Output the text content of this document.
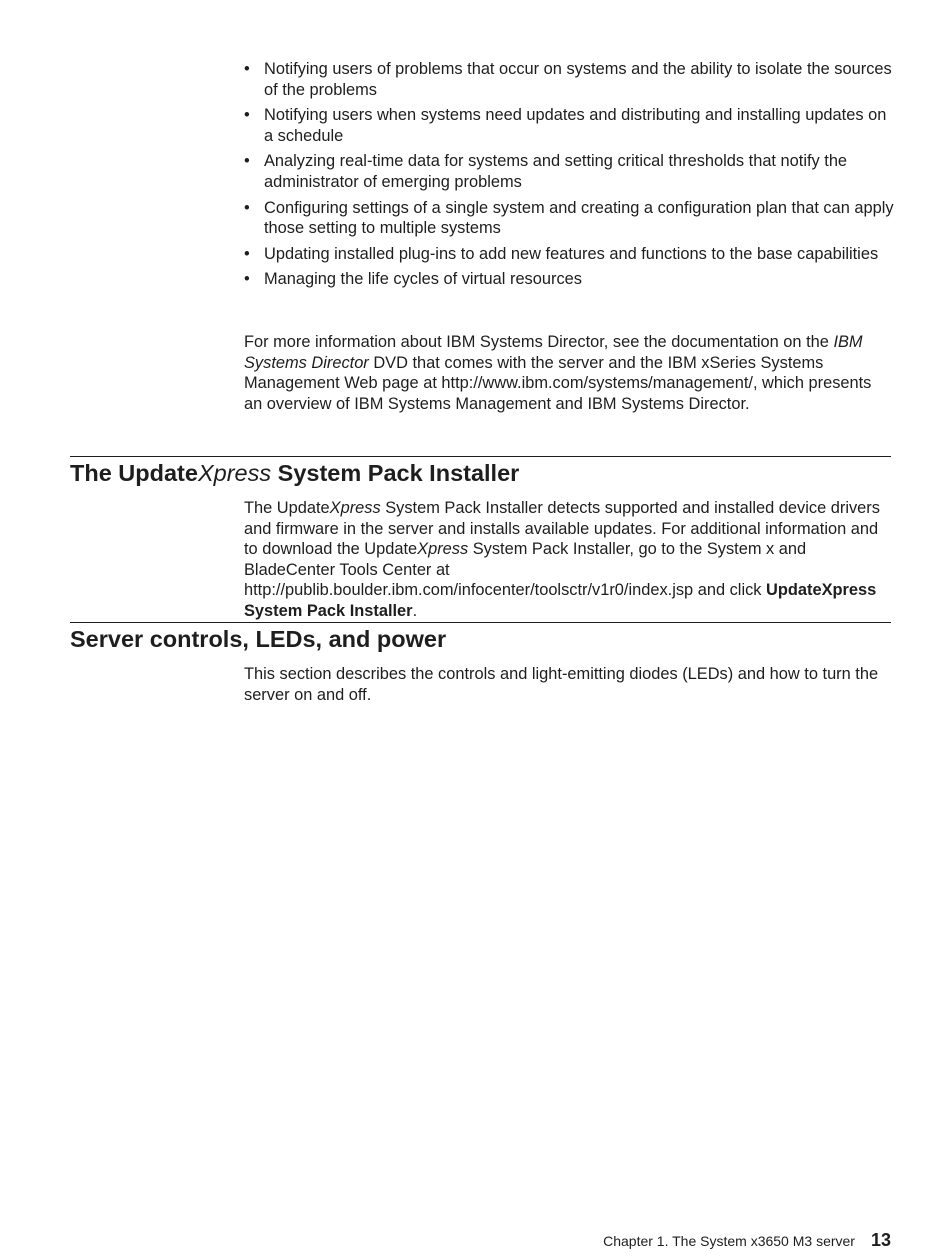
• Notifying users of problems that occur on systems and the ability to isolate the sources of the problems
• Notifying users when systems need updates and distributing and installing updates on a schedule
• Analyzing real-time data for systems and setting critical thresholds that notify the administrator of emerging problems
• Configuring settings of a single system and creating a configuration plan that can apply those setting to multiple systems
• Updating installed plug-ins to add new features and functions to the base capabilities
• Managing the life cycles of virtual resources

For more information about IBM Systems Director, see the documentation on the IBM Systems Director DVD that comes with the server and the IBM xSeries Systems Management Web page at http://www.ibm.com/systems/management/, which presents an overview of IBM Systems Management and IBM Systems Director.

The UpdateXpress System Pack Installer

The UpdateXpress System Pack Installer detects supported and installed device drivers and firmware in the server and installs available updates. For additional information and to download the UpdateXpress System Pack Installer, go to the System x and BladeCenter Tools Center at http://publib.boulder.ibm.com/infocenter/toolsctr/v1r0/index.jsp and click UpdateXpress System Pack Installer.

Server controls, LEDs, and power

This section describes the controls and light-emitting diodes (LEDs) and how to turn the server on and off.

Chapter 1. The System x3650 M3 server 13
